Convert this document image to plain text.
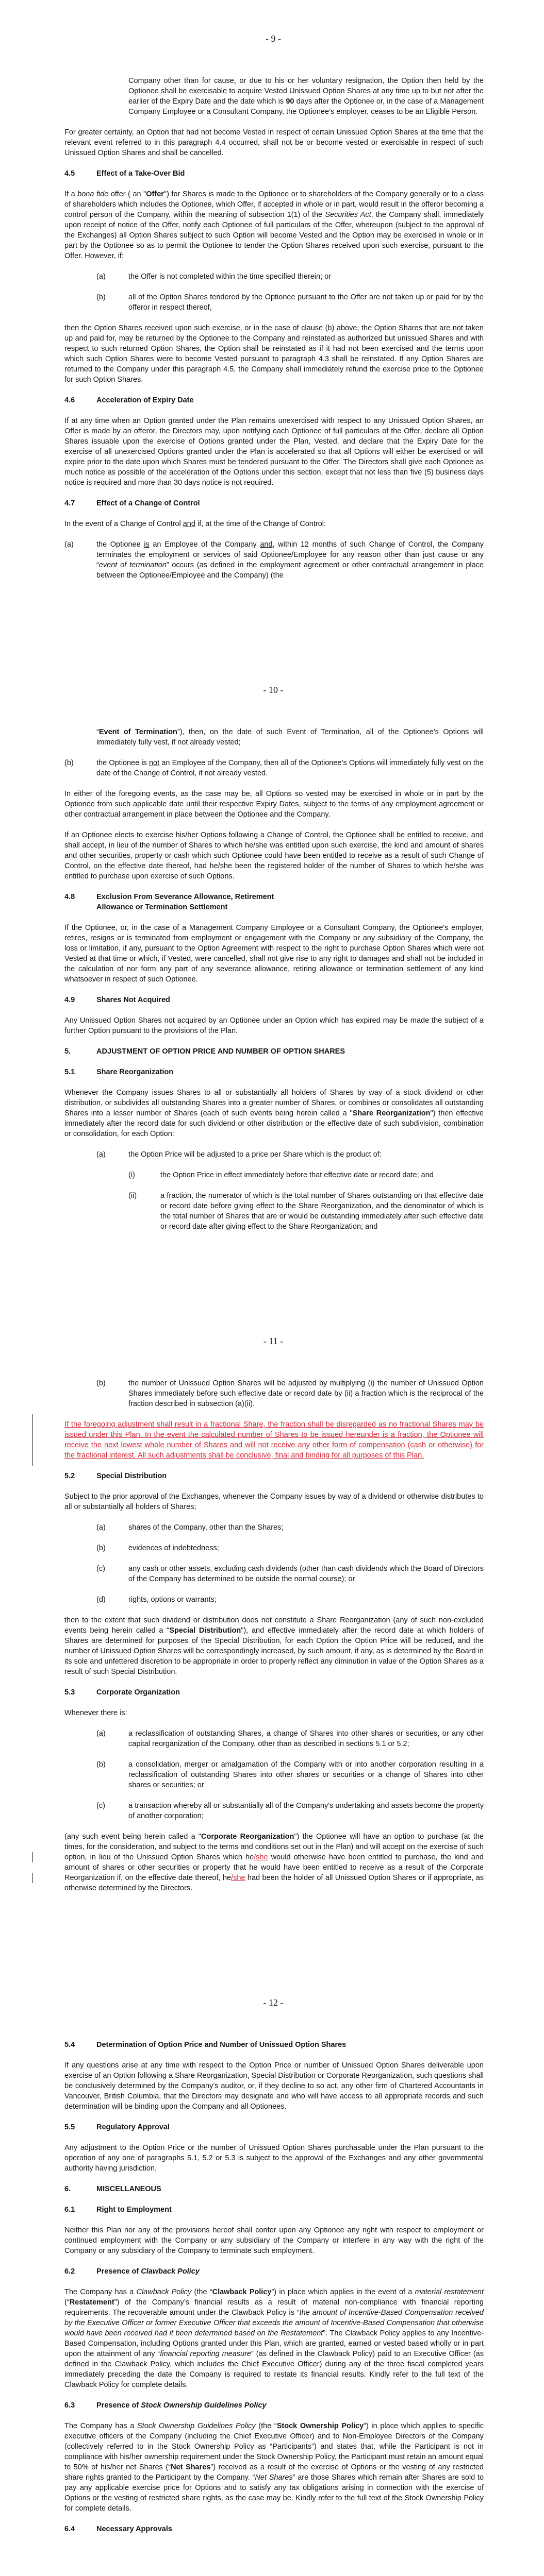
- 9 -
Company other than for cause, or due to his or her voluntary resignation, the Option then held by the Optionee shall be exercisable to acquire Vested Unissued Option Shares at any time up to but not after the earlier of the Expiry Date and the date which is 90 days after the Optionee or, in the case of a Management Company Employee or a Consultant Company, the Optionee’s employer, ceases to be an Eligible Person.
For greater certainty, an Option that had not become Vested in respect of certain Unissued Option Shares at the time that the relevant event referred to in this paragraph 4.4 occurred, shall not be or become vested or exercisable in respect of such Unissued Option Shares and shall be cancelled.
4.5	Effect of a Take-Over Bid
If a bona fide offer ( an "Offer") for Shares is made to the Optionee or to shareholders of the Company generally or to a class of shareholders which includes the Optionee, which Offer, if accepted in whole or in part, would result in the offeror becoming a control person of the Company, within the meaning of subsection 1(1) of the Securities Act, the Company shall, immediately upon receipt of notice of the Offer, notify each Optionee of full particulars of the Offer, whereupon (subject to the approval of the Exchanges) all Option Shares subject to such Option will become Vested and the Option may be exercised in whole or in part by the Optionee so as to permit the Optionee to tender the Option Shares received upon such exercise, pursuant to the Offer. However, if:
(a)	the Offer is not completed within the time specified therein; or
(b)	all of the Option Shares tendered by the Optionee pursuant to the Offer are not taken up or paid for by the offeror in respect thereof,
then the Option Shares received upon such exercise, or in the case of clause (b) above, the Option Shares that are not taken up and paid for, may be returned by the Optionee to the Company and reinstated as authorized but unissued Shares and with respect to such returned Option Shares, the Option shall be reinstated as if it had not been exercised and the terms upon which such Option Shares were to become Vested pursuant to paragraph 4.3 shall be reinstated. If any Option Shares are returned to the Company under this paragraph 4.5, the Company shall immediately refund the exercise price to the Optionee for such Option Shares.
4.6	Acceleration of Expiry Date
If at any time when an Option granted under the Plan remains unexercised with respect to any Unissued Option Shares, an Offer is made by an offeror, the Directors may, upon notifying each Optionee of full particulars of the Offer, declare all Option Shares issuable upon the exercise of Options granted under the Plan, Vested, and declare that the Expiry Date for the exercise of all unexercised Options granted under the Plan is accelerated so that all Options will either be exercised or will expire prior to the date upon which Shares must be tendered pursuant to the Offer. The Directors shall give each Optionee as much notice as possible of the acceleration of the Options under this section, except that not less than five (5) business days notice is required and more than 30 days notice is not required.
4.7	Effect of a Change of Control
In the event of a Change of Control and if, at the time of the Change of Control:
(a)	the Optionee is an Employee of the Company and, within 12 months of such Change of Control, the Company terminates the employment or services of said Optionee/Employee for any reason other than just cause or any “event of termination” occurs (as defined in the employment agreement or other contractual arrangement in place between the Optionee/Employee and the Company) (the
- 10 -
“Event of Termination”), then, on the date of such Event of Termination, all of the Optionee’s Options will immediately fully vest, if not already vested;
(b)	the Optionee is not an Employee of the Company, then all of the Optionee’s Options will immediately fully vest on the date of the Change of Control, if not already vested.
In either of the foregoing events, as the case may be, all Options so vested may be exercised in whole or in part by the Optionee from such applicable date until their respective Expiry Dates, subject to the terms of any employment agreement or other contractual arrangement in place between the Optionee and the Company.
If an Optionee elects to exercise his/her Options following a Change of Control, the Optionee shall be entitled to receive, and shall accept, in lieu of the number of Shares to which he/she was entitled upon such exercise, the kind and amount of shares and other securities, property or cash which such Optionee could have been entitled to receive as a result of such Change of Control, on the effective date thereof, had he/she been the registered holder of the number of Shares to which he/she was entitled to purchase upon exercise of such Options.
4.8	Exclusion From Severance Allowance, Retirement
Allowance or Termination Settlement
If the Optionee, or, in the case of a Management Company Employee or a Consultant Company, the Optionee's employer, retires, resigns or is terminated from employment or engagement with the Company or any subsidiary of the Company, the loss or limitation, if any, pursuant to the Option Agreement with respect to the right to purchase Option Shares which were not Vested at that time or which, if Vested, were cancelled, shall not give rise to any right to damages and shall not be included in the calculation of nor form any part of any severance allowance, retiring allowance or termination settlement of any kind whatsoever in respect of such Optionee.
4.9	Shares Not Acquired
Any Unissued Option Shares not acquired by an Optionee under an Option which has expired may be made the subject of a further Option pursuant to the provisions of the Plan.
5.	ADJUSTMENT OF OPTION PRICE AND NUMBER OF OPTION SHARES
5.1	Share Reorganization
Whenever the Company issues Shares to all or substantially all holders of Shares by way of a stock dividend or other distribution, or subdivides all outstanding Shares into a greater number of Shares, or combines or consolidates all outstanding Shares into a lesser number of Shares (each of such events being herein called a "Share Reorganization") then effective immediately after the record date for such dividend or other distribution or the effective date of such subdivision, combination or consolidation, for each Option:
(a)	the Option Price will be adjusted to a price per Share which is the product of:
(i)	the Option Price in effect immediately before that effective date or record date; and
(ii)	a fraction, the numerator of which is the total number of Shares outstanding on that effective date or record date before giving effect to the Share Reorganization, and the denominator of which is the total number of Shares that are or would be outstanding immediately after such effective date or record date after giving effect to the Share Reorganization; and
- 11 -
(b)	the number of Unissued Option Shares will be adjusted by multiplying (i) the number of Unissued Option Shares immediately before such effective date or record date by (ii) a fraction which is the reciprocal of the fraction described in subsection (a)(ii).
If the foregoing adjustment shall result in a fractional Share, the fraction shall be disregarded as no fractional Shares may be issued under this Plan. In the event the calculated number of Shares to be issued hereunder is a fraction, the Optionee will receive the next lowest whole number of Shares and will not receive any other form of compensation (cash or otherwise) for the fractional interest. All such adjustments shall be conclusive, final and binding for all purposes of this Plan.
5.2	Special Distribution
Subject to the prior approval of the Exchanges, whenever the Company issues by way of a dividend or otherwise distributes to all or substantially all holders of Shares;
(a)	shares of the Company, other than the Shares;
(b)	evidences of indebtedness;
(c)	any cash or other assets, excluding cash dividends (other than cash dividends which the Board of Directors of the Company has determined to be outside the normal course); or
(d)	rights, options or warrants;
then to the extent that such dividend or distribution does not constitute a Share Reorganization (any of such non-excluded events being herein called a "Special Distribution"), and effective immediately after the record date at which holders of Shares are determined for purposes of the Special Distribution, for each Option the Option Price will be reduced, and the number of Unissued Option Shares will be correspondingly increased, by such amount, if any, as is determined by the Board in its sole and unfettered discretion to be appropriate in order to properly reflect any diminution in value of the Option Shares as a result of such Special Distribution.
5.3	Corporate Organization
Whenever there is:
(a)	a reclassification of outstanding Shares, a change of Shares into other shares or securities, or any other capital reorganization of the Company, other than as described in sections 5.1 or 5.2;
(b)	a consolidation, merger or amalgamation of the Company with or into another corporation resulting in a reclassification of outstanding Shares into other shares or securities or a change of Shares into other shares or securities; or
(c)	a transaction whereby all or substantially all of the Company's undertaking and assets become the property of another corporation;
(any such event being herein called a "Corporate Reorganization") the Optionee will have an option to purchase (at the times, for the consideration, and subject to the terms and conditions set out in the Plan) and will accept on the exercise of such option, in lieu of the Unissued Option Shares which he/she would otherwise have been entitled to purchase, the kind and amount of shares or other securities or property that he would have been entitled to receive as a result of the Corporate Reorganization if, on the effective date thereof, he/she had been the holder of all Unissued Option Shares or if appropriate, as otherwise determined by the Directors.
- 12 -
5.4	Determination of Option Price and Number of Unissued Option Shares
If any questions arise at any time with respect to the Option Price or number of Unissued Option Shares deliverable upon exercise of an Option following a Share Reorganization, Special Distribution or Corporate Reorganization, such questions shall be conclusively determined by the Company’s auditor, or, if they decline to so act, any other firm of Chartered Accountants in Vancouver, British Columbia, that the Directors may designate and who will have access to all appropriate records and such determination will be binding upon the Company and all Optionees.
5.5	Regulatory Approval
Any adjustment to the Option Price or the number of Unissued Option Shares purchasable under the Plan pursuant to the operation of any one of paragraphs 5.1, 5.2 or 5.3 is subject to the approval of the Exchanges and any other governmental authority having jurisdiction.
6.	MISCELLANEOUS
6.1	Right to Employment
Neither this Plan nor any of the provisions hereof shall confer upon any Optionee any right with respect to employment or continued employment with the Company or any subsidiary of the Company or interfere in any way with the right of the Company or any subsidiary of the Company to terminate such employment.
6.2	Presence of Clawback Policy
The Company has a Clawback Policy (the “Clawback Policy”) in place which applies in the event of a material restatement (“Restatement”) of the Company’s financial results as a result of material non-compliance with financial reporting requirements. The recoverable amount under the Clawback Policy is “the amount of Incentive-Based Compensation received by the Executive Officer or former Executive Officer that exceeds the amount of Incentive-Based Compensation that otherwise would have been received had it been determined based on the Restatement”. The Clawback Policy applies to any Incentive-Based Compensation, including Options granted under this Plan, which are granted, earned or vested based wholly or in part upon the attainment of any “financial reporting measure” (as defined in the Clawback Policy) paid to an Executive Officer (as defined in the Clawback Policy, which includes the Chief Executive Officer) during any of the three fiscal completed years immediately preceding the date the Company is required to restate its financial results. Kindly refer to the full text of the Clawback Policy for complete details.
6.3	Presence of Stock Ownership Guidelines Policy
The Company has a Stock Ownership Guidelines Policy (the “Stock Ownership Policy”) in place which applies to specific executive officers of the Company (including the Chief Executive Officer) and to Non-Employee Directors of the Company (collectively referred to in the Stock Ownership Policy as “Participants”) and states that, while the Participant is not in compliance with his/her ownership requirement under the Stock Ownership Policy, the Participant must retain an amount equal to 50% of his/her net Shares (“Net Shares”) received as a result of the exercise of Options or the vesting of any restricted share rights granted to the Participant by the Company. “Net Shares” are those Shares which remain after Shares are sold to pay any applicable exercise price for Options and to satisfy any tax obligations arising in connection with the exercise of Options or the vesting of restricted share rights, as the case may be. Kindly refer to the full text of the Stock Ownership Policy for complete details.
6.4	Necessary Approvals
